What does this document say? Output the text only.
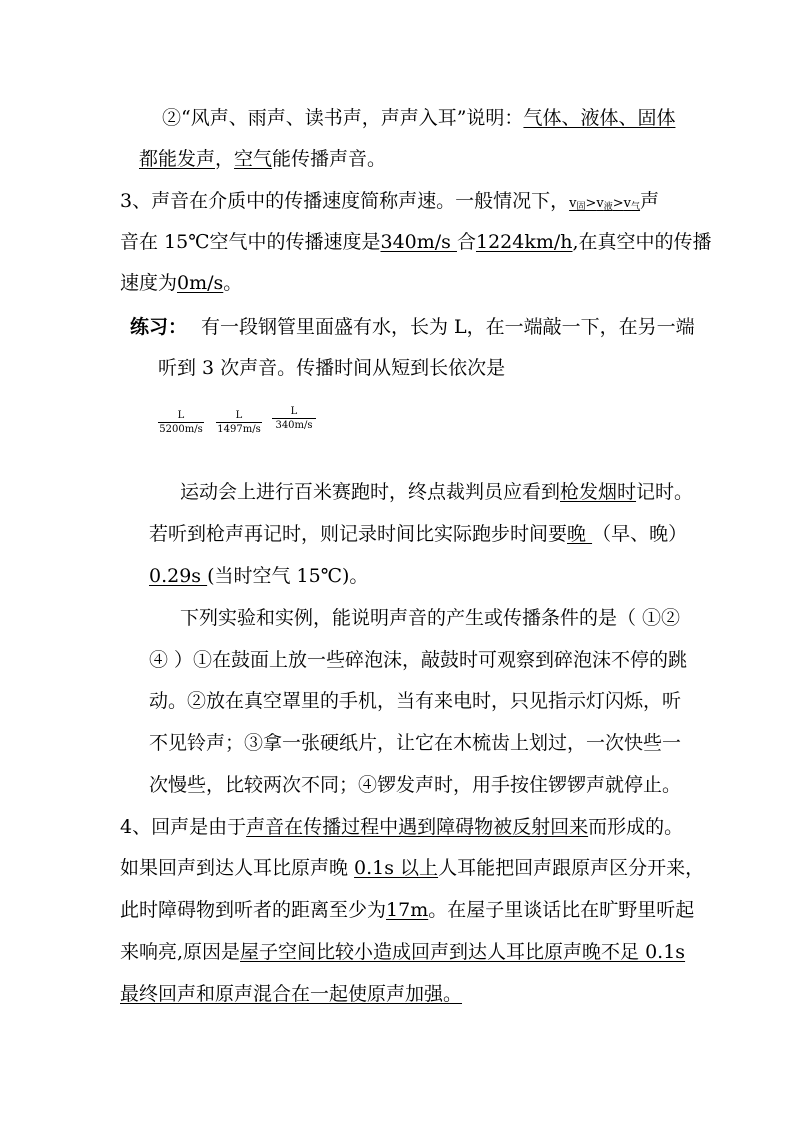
②“风声、雨声、读书声，声声入耳”说明：气体、液体、固体
都能发声，空气能传播声音。
3、声音在介质中的传播速度简称声速。一般情况下，$v_固>v_液>v_气$声
音在 15℃空气中的传播速度是340m/s 合1224km/h,在真空中的传播
速度为0m/s。
练习： 有一段钢管里面盛有水，长为 L，在一端敲一下，在另一端
听到 3 次声音。传播时间从短到长依次是
$\frac{L}{5200m/s} \frac{L}{1497m/s} \frac{L}{340m/s}$
运动会上进行百米赛跑时，终点裁判员应看到枪发烟时记时。
若听到枪声再记时，则记录时间比实际跑步时间要晚 （早、晚）
0.29s (当时空气 15℃)。
下列实验和实例，能说明声音的产生或传播条件的是（ ①②
④ ）①在鼓面上放一些碎泡沫，敲鼓时可观察到碎泡沫不停的跳
动。②放在真空罩里的手机，当有来电时，只见指示灯闪烁，听
不见铃声；③拿一张硬纸片，让它在木梳齿上划过，一次快些一
次慢些，比较两次不同；④锣发声时，用手按住锣锣声就停止。
4、回声是由于声音在传播过程中遇到障碍物被反射回来而形成的。
如果回声到达人耳比原声晚 0.1s 以上人耳能把回声跟原声区分开来，
此时障碍物到听者的距离至少为17m。在屋子里谈话比在旷野里听起
来响亮,原因是屋子空间比较小造成回声到达人耳比原声晚不足 0.1s
最终回声和原声混合在一起使原声加强。
